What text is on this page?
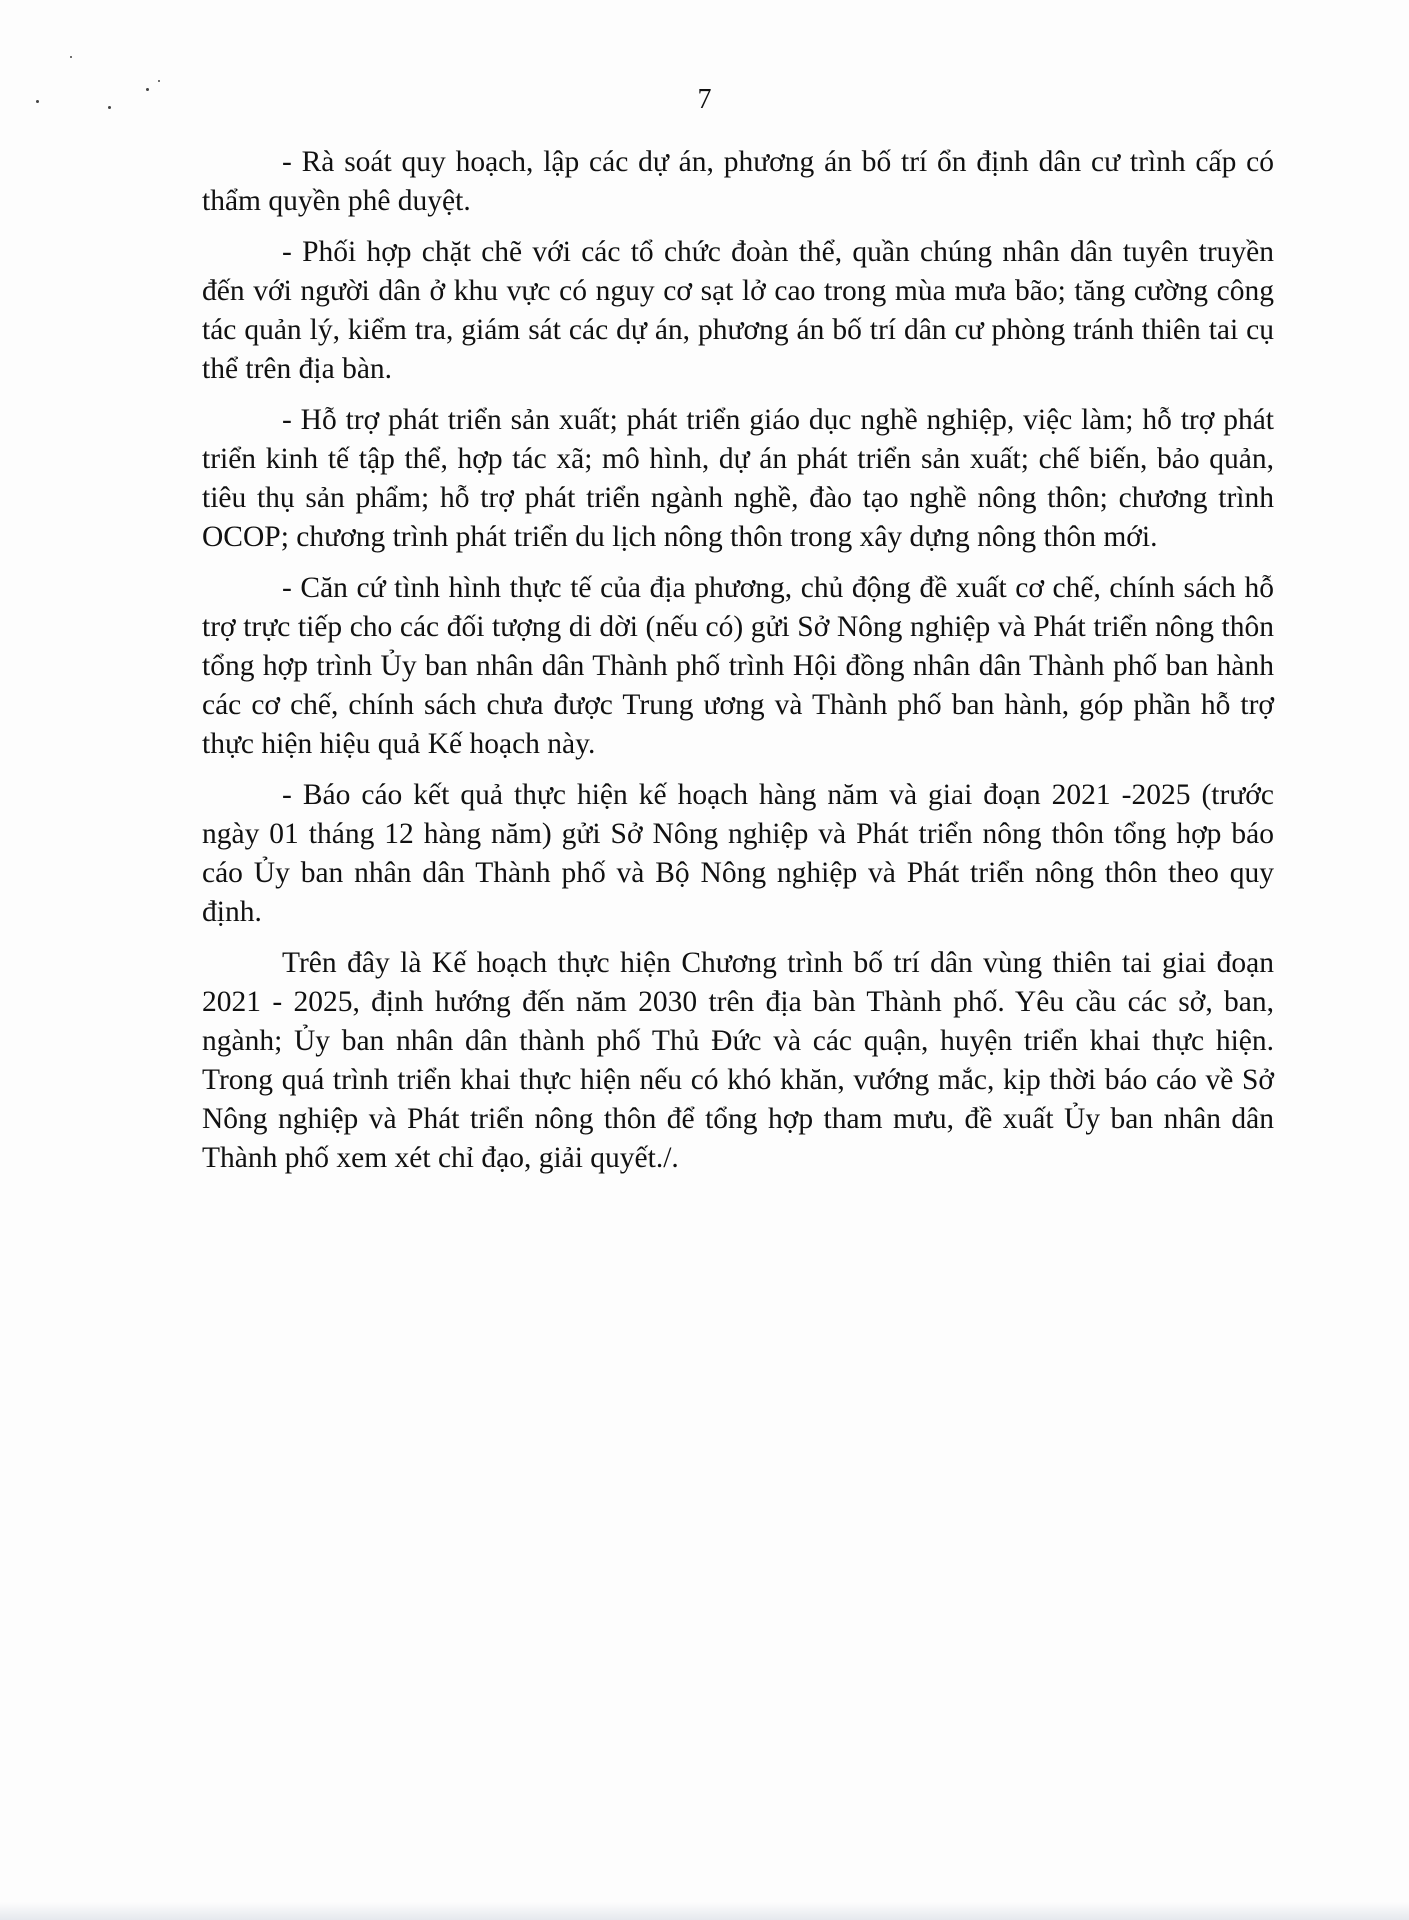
7

- Rà soát quy hoạch, lập các dự án, phương án bố trí ổn định dân cư trình cấp có thẩm quyền phê duyệt.

- Phối hợp chặt chẽ với các tổ chức đoàn thể, quần chúng nhân dân tuyên truyền đến với người dân ở khu vực có nguy cơ sạt lở cao trong mùa mưa bão; tăng cường công tác quản lý, kiểm tra, giám sát các dự án, phương án bố trí dân cư phòng tránh thiên tai cụ thể trên địa bàn.

- Hỗ trợ phát triển sản xuất; phát triển giáo dục nghề nghiệp, việc làm; hỗ trợ phát triển kinh tế tập thể, hợp tác xã; mô hình, dự án phát triển sản xuất; chế biến, bảo quản, tiêu thụ sản phẩm; hỗ trợ phát triển ngành nghề, đào tạo nghề nông thôn; chương trình OCOP; chương trình phát triển du lịch nông thôn trong xây dựng nông thôn mới.

- Căn cứ tình hình thực tế của địa phương, chủ động đề xuất cơ chế, chính sách hỗ trợ trực tiếp cho các đối tượng di dời (nếu có) gửi Sở Nông nghiệp và Phát triển nông thôn tổng hợp trình Ủy ban nhân dân Thành phố trình Hội đồng nhân dân Thành phố ban hành các cơ chế, chính sách chưa được Trung ương và Thành phố ban hành, góp phần hỗ trợ thực hiện hiệu quả Kế hoạch này.

- Báo cáo kết quả thực hiện kế hoạch hàng năm và giai đoạn 2021 -2025 (trước ngày 01 tháng 12 hàng năm) gửi Sở Nông nghiệp và Phát triển nông thôn tổng hợp báo cáo Ủy ban nhân dân Thành phố và Bộ Nông nghiệp và Phát triển nông thôn theo quy định.

Trên đây là Kế hoạch thực hiện Chương trình bố trí dân vùng thiên tai giai đoạn 2021 - 2025, định hướng đến năm 2030 trên địa bàn Thành phố. Yêu cầu các sở, ban, ngành; Ủy ban nhân dân thành phố Thủ Đức và các quận, huyện triển khai thực hiện. Trong quá trình triển khai thực hiện nếu có khó khăn, vướng mắc, kịp thời báo cáo về Sở Nông nghiệp và Phát triển nông thôn để tổng hợp tham mưu, đề xuất Ủy ban nhân dân Thành phố xem xét chỉ đạo, giải quyết./.
